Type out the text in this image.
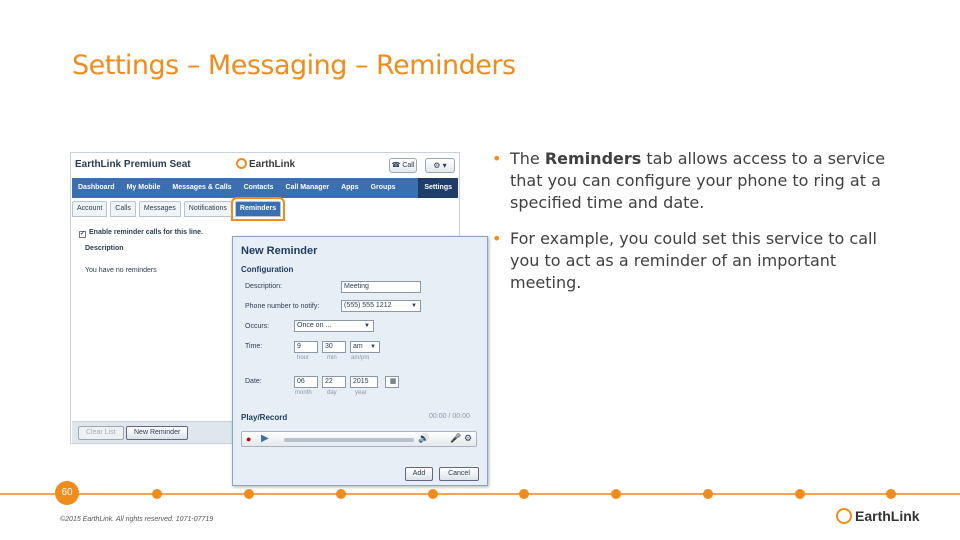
Settings – Messaging – Reminders
• The Reminders tab allows access to a service that you can configure your phone to ring at a specified time and date.
• For example, you could set this service to call you to act as a reminder of an important meeting.
EarthLink Premium Seat	EarthLink	☎ Call	⚙ ▾
Dashboard	My Mobile	Messages & Calls	Contacts	Call Manager	Apps	Groups	Settings
Account	Calls	Messages	Notifications	Reminders
✓ Enable reminder calls for this line.
Description
You have no reminders
Clear List	New Reminder
New Reminder
Configuration
Description:	Meeting
Phone number to notify:	(555) 555 1212 ▼
Occurs:	Once on ... ▼
Time:	9	30	am ▼
hour	min am/pm
Date:	06	22	2015	▦
month	day	year
Play/Record	00:00 / 00:00
● ▶	🔊 🎤 ⚙
Add	Cancel
60
©2015 EarthLink. All rights reserved. 1071-07719	EarthLink
